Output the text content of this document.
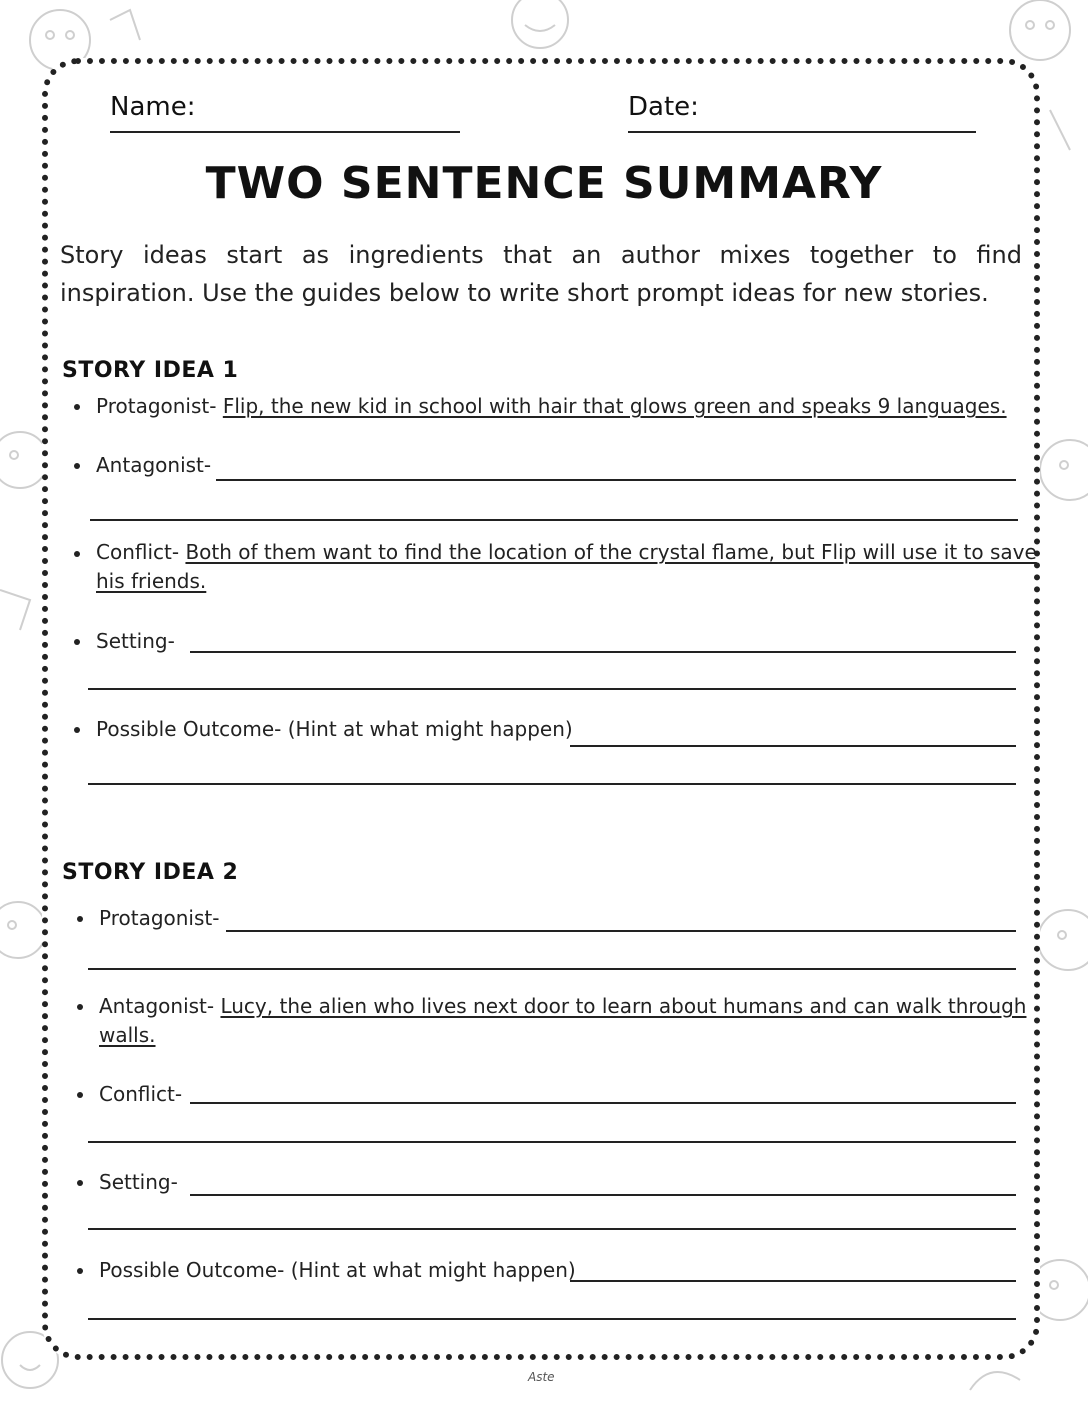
Name:	Date:
TWO SENTENCE SUMMARY
Story ideas start as ingredients that an author mixes together to find inspiration. Use the guides below to write short prompt ideas for new stories.
STORY IDEA 1
Protagonist- Flip, the new kid in school with hair that glows green and speaks 9 languages.
Antagonist-
Conflict- Both of them want to find the location of the crystal flame, but Flip will use it to save
his friends.
Setting-
Possible Outcome- (Hint at what might happen)
STORY IDEA 2
Protagonist-
Antagonist- Lucy, the alien who lives next door to learn about humans and can walk through
walls.
Conflict-
Setting-
Possible Outcome- (Hint at what might happen)
Aste
